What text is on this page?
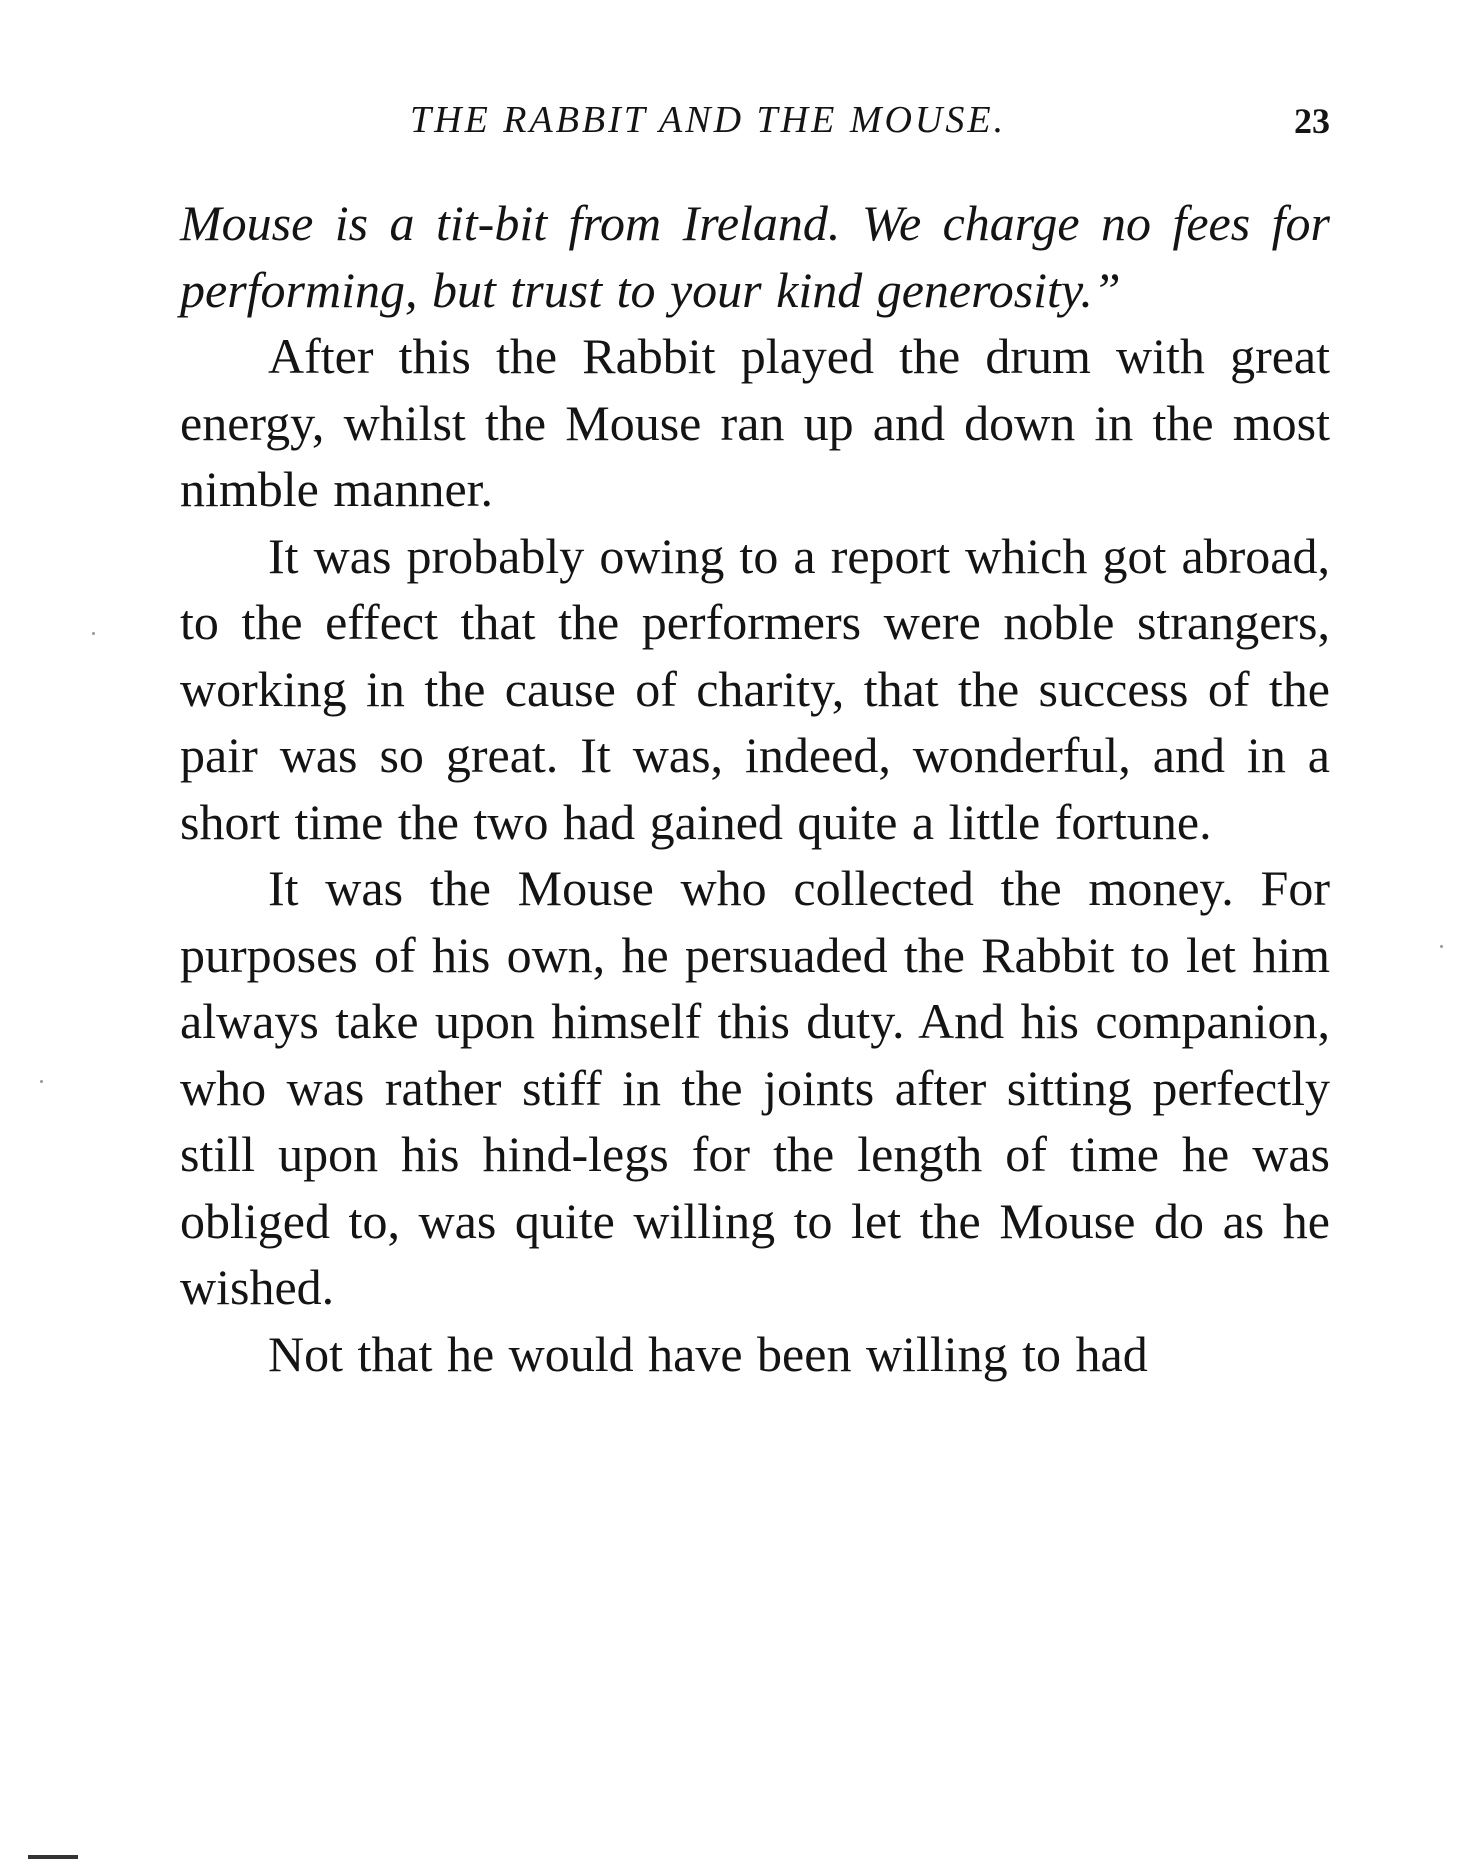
THE RABBIT AND THE MOUSE.	23

Mouse is a tit-bit from Ireland. We charge no fees for performing, but trust to your kind generosity.”

After this the Rabbit played the drum with great energy, whilst the Mouse ran up and down in the most nimble manner.

It was probably owing to a report which got abroad, to the effect that the performers were noble strangers, working in the cause of charity, that the success of the pair was so great. It was, indeed, wonderful, and in a short time the two had gained quite a little fortune.

It was the Mouse who collected the money. For purposes of his own, he persuaded the Rabbit to let him always take upon himself this duty. And his companion, who was rather stiff in the joints after sitting perfectly still upon his hind-legs for the length of time he was obliged to, was quite willing to let the Mouse do as he wished.

Not that he would have been willing to had
